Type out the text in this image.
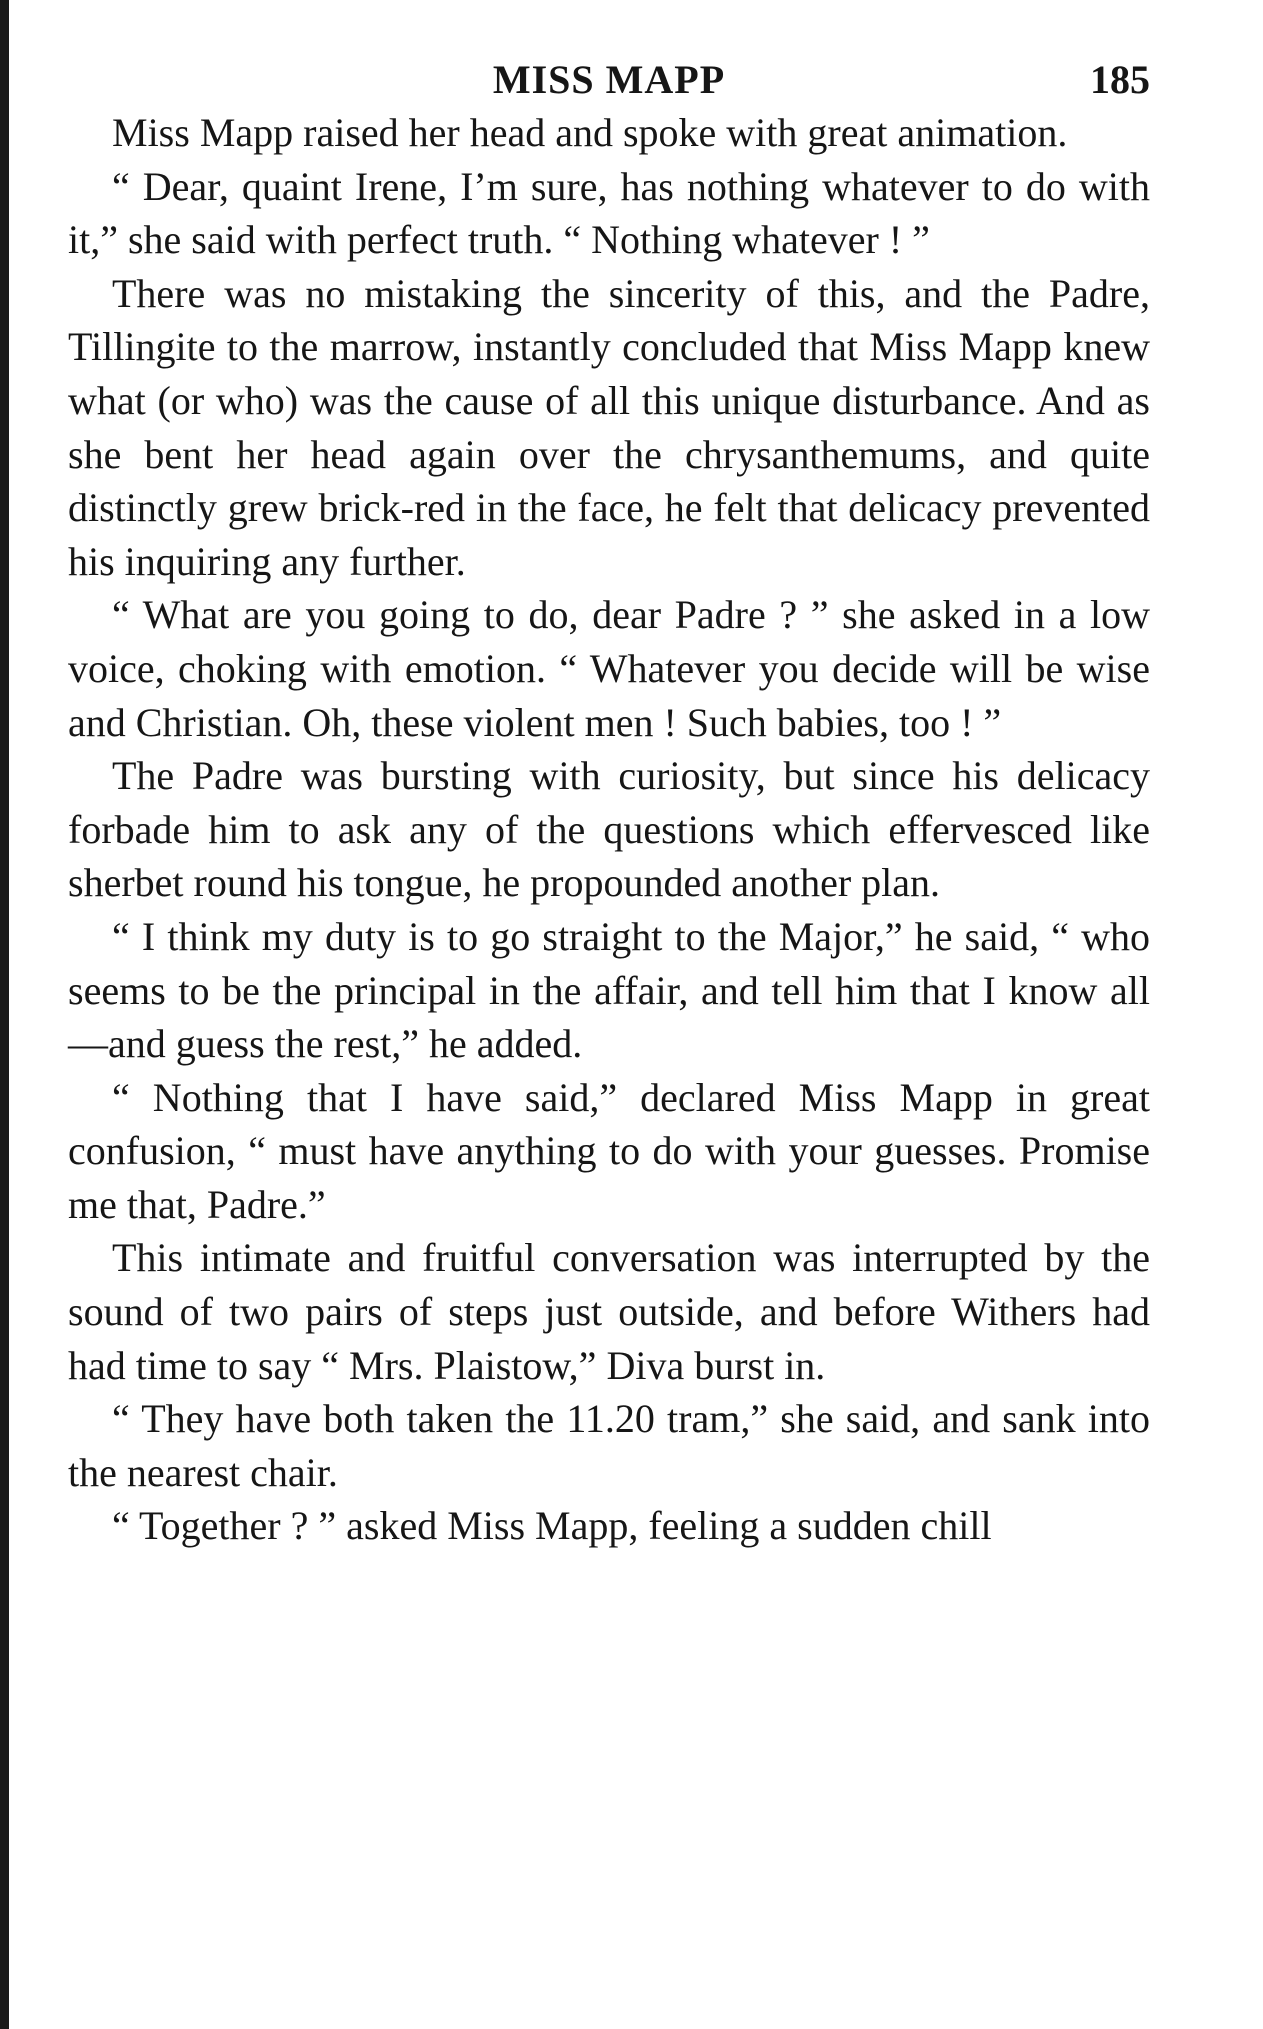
MISS MAPP	185

Miss Mapp raised her head and spoke with great animation.

“ Dear, quaint Irene, I’m sure, has nothing whatever to do with it,” she said with perfect truth. “ Nothing whatever ! ”

There was no mistaking the sincerity of this, and the Padre, Tillingite to the marrow, instantly concluded that Miss Mapp knew what (or who) was the cause of all this unique disturbance. And as she bent her head again over the chrysanthemums, and quite distinctly grew brick-red in the face, he felt that delicacy prevented his inquiring any further.

“ What are you going to do, dear Padre ? ” she asked in a low voice, choking with emotion. “ Whatever you decide will be wise and Christian. Oh, these violent men ! Such babies, too ! ”

The Padre was bursting with curiosity, but since his delicacy forbade him to ask any of the questions which effervesced like sherbet round his tongue, he propounded another plan.

“ I think my duty is to go straight to the Major,” he said, “ who seems to be the principal in the affair, and tell him that I know all—and guess the rest,” he added.

“ Nothing that I have said,” declared Miss Mapp in great confusion, “ must have anything to do with your guesses. Promise me that, Padre.”

This intimate and fruitful conversation was interrupted by the sound of two pairs of steps just outside, and before Withers had had time to say “ Mrs. Plaistow,” Diva burst in.

“ They have both taken the 11.20 tram,” she said, and sank into the nearest chair.

“ Together ? ” asked Miss Mapp, feeling a sudden chill
